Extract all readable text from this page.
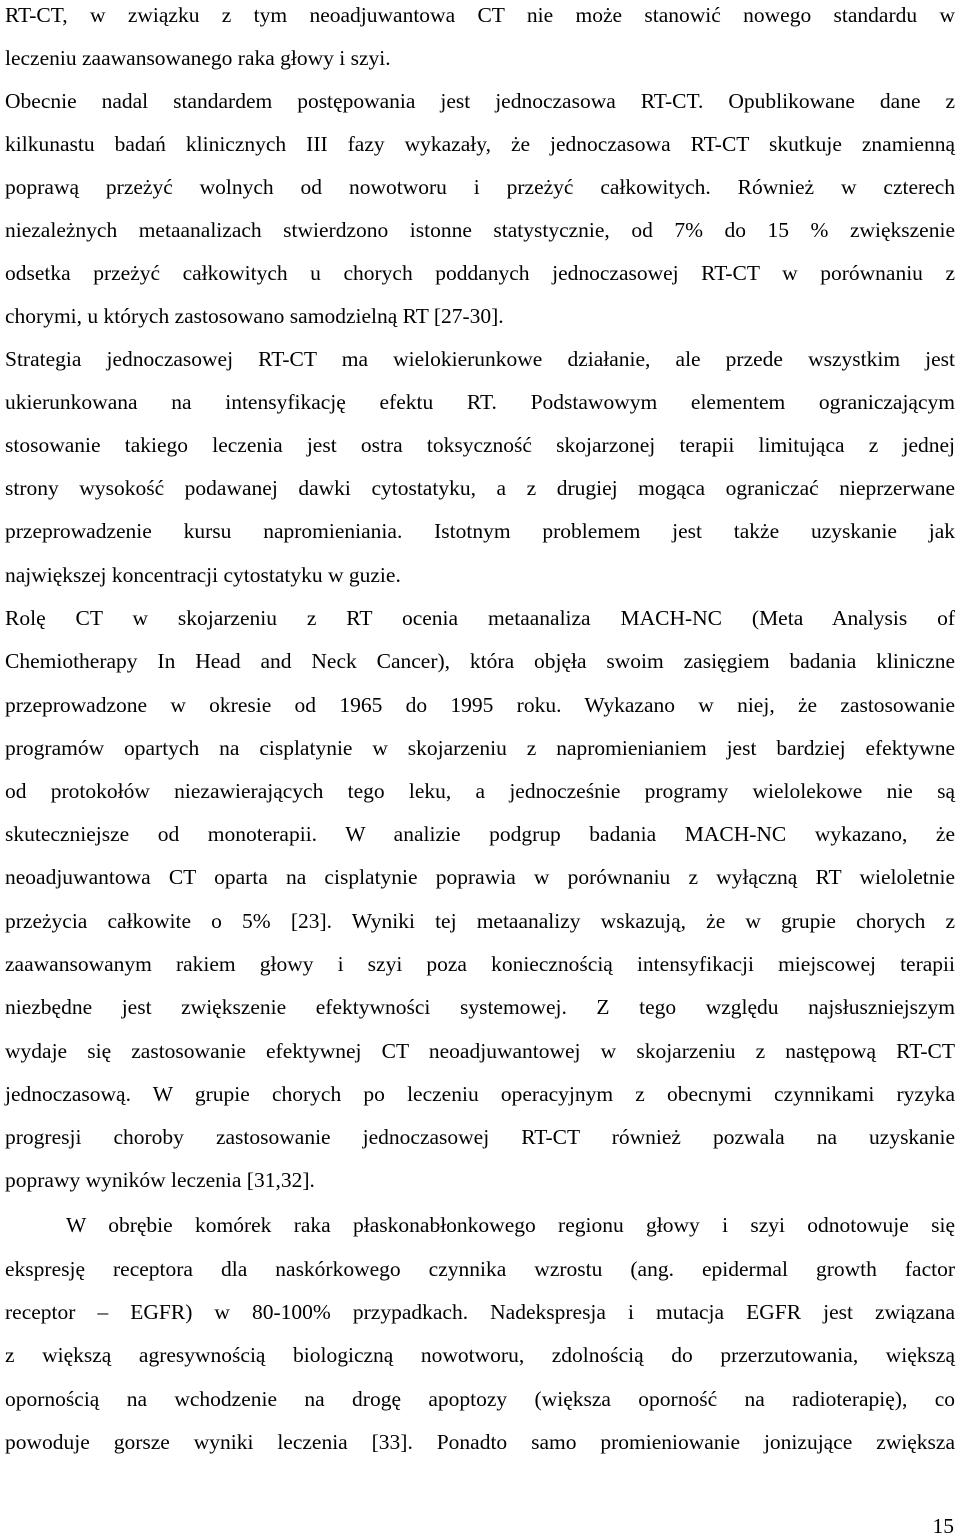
RT-CT, w związku z tym neoadjuwantowa CT nie może stanowić nowego standardu w
leczeniu zaawansowanego raka głowy i szyi.
Obecnie nadal standardem postępowania jest jednoczasowa RT-CT. Opublikowane dane z
kilkunastu badań klinicznych III fazy wykazały, że jednoczasowa RT-CT skutkuje znamienną
poprawą przeżyć wolnych od nowotworu i przeżyć całkowitych. Również w czterech
niezależnych metaanalizach stwierdzono istonne statystycznie, od 7% do 15 % zwiększenie
odsetka przeżyć całkowitych u chorych poddanych jednoczasowej RT-CT w porównaniu z
chorymi, u których zastosowano samodzielną RT [27-30].
Strategia jednoczasowej RT-CT ma wielokierunkowe działanie, ale przede wszystkim jest
ukierunkowana na intensyfikację efektu RT. Podstawowym elementem ograniczającym
stosowanie takiego leczenia jest ostra toksyczność skojarzonej terapii limitująca z jednej
strony wysokość podawanej dawki cytostatyku, a z drugiej mogąca ograniczać nieprzerwane
przeprowadzenie kursu napromieniania. Istotnym problemem jest także uzyskanie jak
największej koncentracji cytostatyku w guzie.
Rolę CT w skojarzeniu z RT ocenia metaanaliza MACH-NC (Meta Analysis of
Chemiotherapy In Head and Neck Cancer), która objęła swoim zasięgiem badania kliniczne
przeprowadzone w okresie od 1965 do 1995 roku. Wykazano w niej, że zastosowanie
programów opartych na cisplatynie w skojarzeniu z napromienianiem jest bardziej efektywne
od protokołów niezawierających tego leku, a jednocześnie programy wielolekowe nie są
skuteczniejsze od monoterapii. W analizie podgrup badania MACH-NC wykazano, że
neoadjuwantowa CT oparta na cisplatynie poprawia w porównaniu z wyłączną RT wieloletnie
przeżycia całkowite o 5% [23]. Wyniki tej metaanalizy wskazują, że w grupie chorych z
zaawansowanym rakiem głowy i szyi poza koniecznością intensyfikacji miejscowej terapii
niezbędne jest zwiększenie efektywności systemowej. Z tego względu najsłuszniejszym
wydaje się zastosowanie efektywnej CT neoadjuwantowej w skojarzeniu z następową RT-CT
jednoczasową. W grupie chorych po leczeniu operacyjnym z obecnymi czynnikami ryzyka
progresji choroby zastosowanie jednoczasowej RT-CT również pozwala na uzyskanie
poprawy wyników leczenia [31,32].
W obrębie komórek raka płaskonabłonkowego regionu głowy i szyi odnotowuje się
ekspresję receptora dla naskórkowego czynnika wzrostu (ang. epidermal growth factor
receptor – EGFR) w 80-100% przypadkach. Nadekspresja i mutacja EGFR jest związana
z większą agresywnością biologiczną nowotworu, zdolnością do przerzutowania, większą
opornością na wchodzenie na drogę apoptozy (większa oporność na radioterapię), co
powoduje gorsze wyniki leczenia [33]. Ponadto samo promieniowanie jonizujące zwiększa
15
